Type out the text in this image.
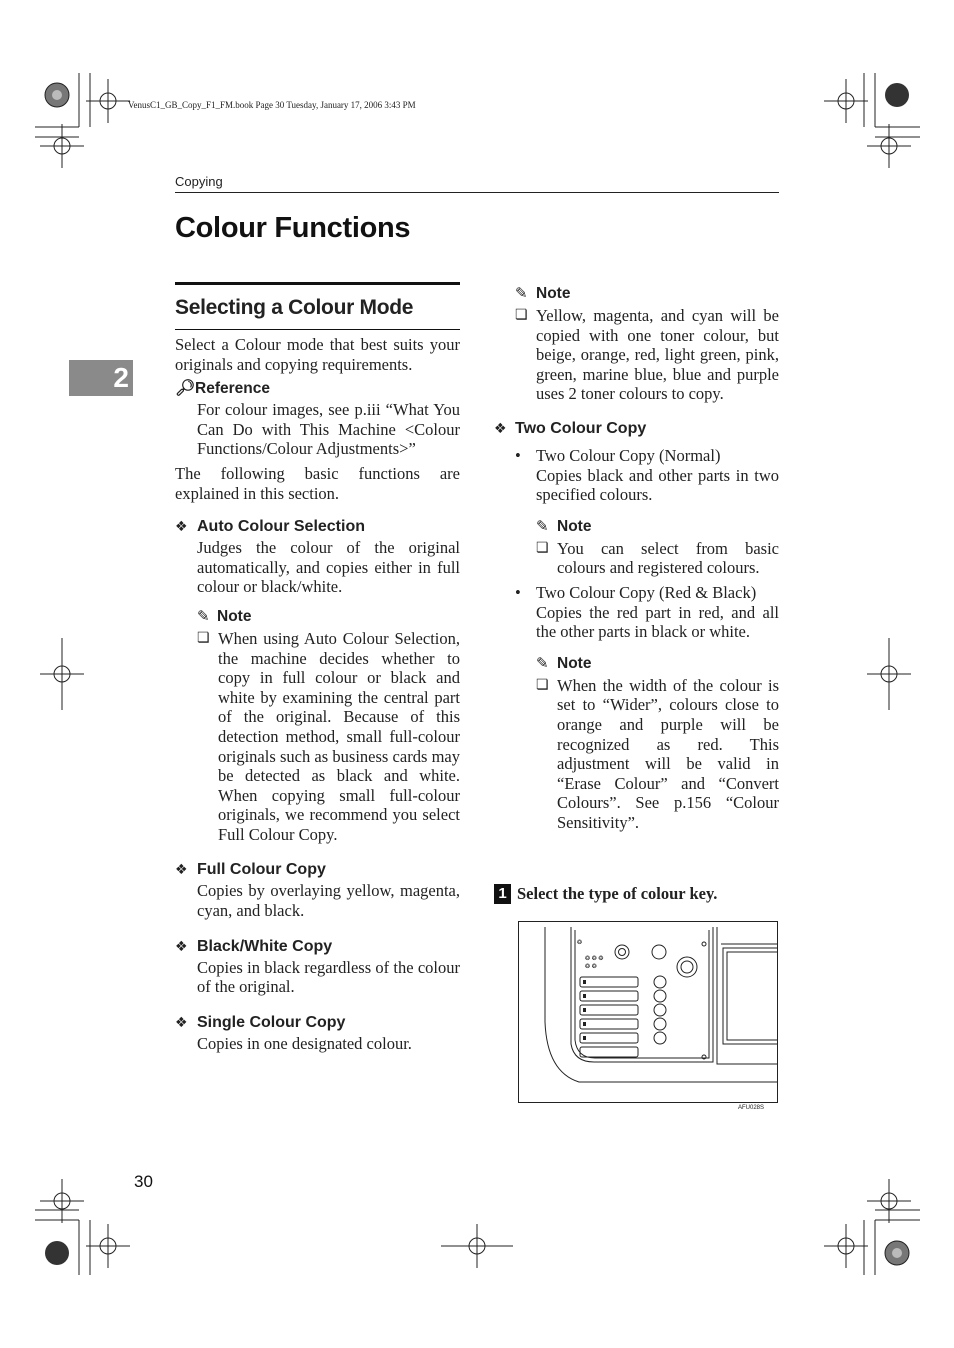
VenusC1_GB_Copy_F1_FM.book Page 30 Tuesday, January 17, 2006 3:43 PM
Copying
2
Colour Functions
Selecting a Colour Mode

Select a Colour mode that best suits your originals and copying requirements.

🔎︎Reference

For colour images, see p.iii “What You Can Do with This Machine <Colour Functions/Colour Adjustments>”

The following basic functions are explained in this section.

❖ Auto Colour Selection

Judges the colour of the original automatically, and copies either in full colour or black/white.

✎ Note
❏ When using Auto Colour Selection, the machine decides whether to copy in full colour or black and white by examining the central part of the original. Because of this detection method, small full-colour originals such as business cards may be detected as black and white. When copying small full-colour originals, we recommend you select Full Colour Copy.
❖ Full Colour Copy

Copies by overlaying yellow, magenta, cyan, and black.

❖ Black/White Copy

Copies in black regardless of the colour of the original.

❖ Single Colour Copy

Copies in one designated colour.

✎ Note
❏ Yellow, magenta, and cyan will be copied with one toner colour, but beige, orange, red, light green, pink, green, marine blue, blue and purple uses 2 toner colours to copy.
❖ Two Colour Copy
• Two Colour Copy (Normal)
Copies black and other parts in two specified colours.
✎ Note
❏ You can select from basic colours and registered colours.
• Two Colour Copy (Red & Black)
Copies the red part in red, and all the other parts in black or white.
✎ Note
❏ When the width of the colour is set to “Wider”, colours close to orange and purple will be recognized as red. This adjustment will be valid in “Erase Colour” and “Convert Colours”. See p.156 “Colour Sensitivity”.
1 Select the type of colour key.
❂ ❂ ❂
❂ ❂
❂
AFU028S
30
